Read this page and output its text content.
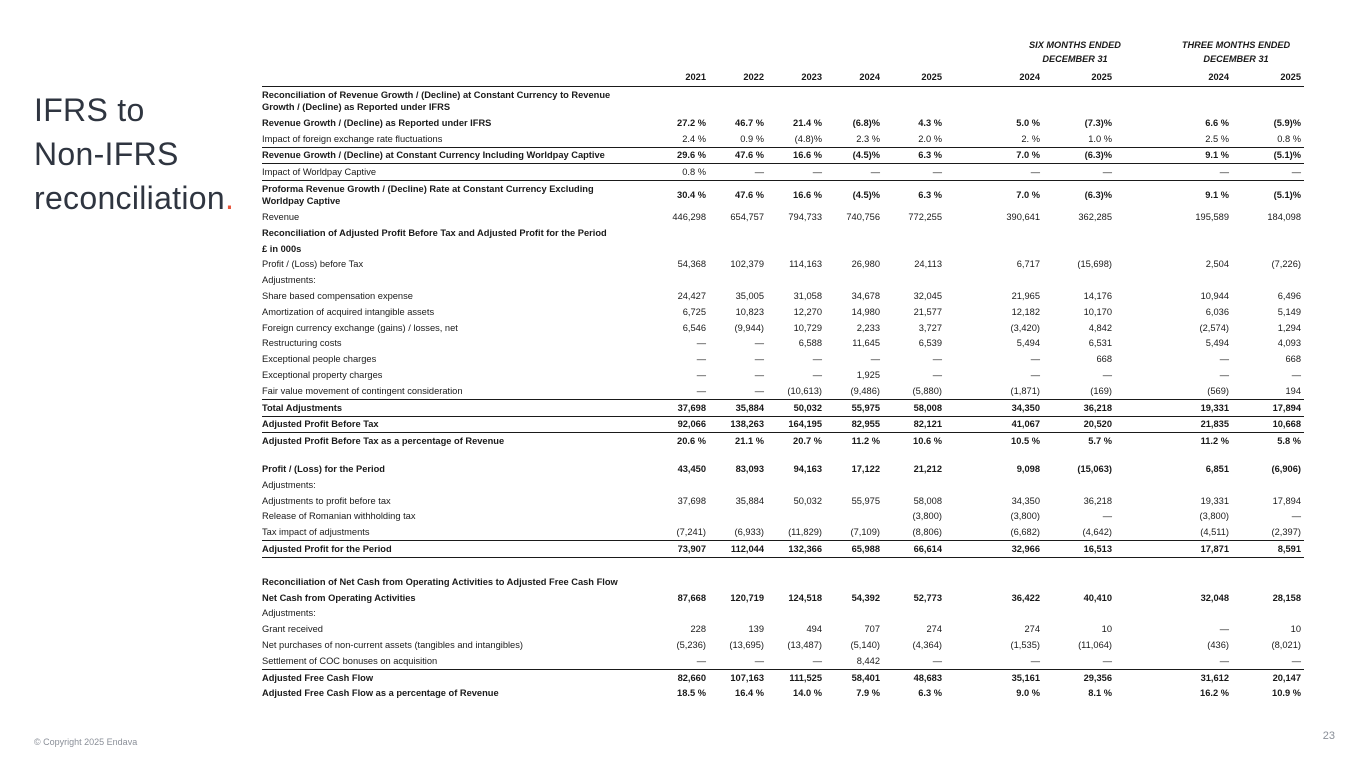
IFRS to
Non-IFRS
reconciliation.
SIX MONTHS ENDED
DECEMBER 31
THREE MONTHS ENDED
DECEMBER 31
	2021	2022	2023	2024	2025	2024	2025	2024	2025
Reconciliation of Revenue Growth / (Decline) at Constant Currency to Revenue Growth / (Decline) as Reported under IFRS									
Revenue Growth / (Decline) as Reported under IFRS	27.2 %	46.7 %	21.4 %	(6.8)%	4.3 %	5.0 %	(7.3)%	6.6 %	(5.9)%
Impact of foreign exchange rate fluctuations	2.4 %	0.9 %	(4.8)%	2.3 %	2.0 %	2. %	1.0 %	2.5 %	0.8 %
Revenue Growth / (Decline) at Constant Currency Including Worldpay Captive	29.6 %	47.6 %	16.6 %	(4.5)%	6.3 %	7.0 %	(6.3)%	9.1 %	(5.1)%
Impact of Worldpay Captive	0.8 %	—	—	—	—	—	—	—	—
Proforma Revenue Growth / (Decline) Rate at Constant Currency Excluding Worldpay Captive	30.4 %	47.6 %	16.6 %	(4.5)%	6.3 %	7.0 %	(6.3)%	9.1 %	(5.1)%
Revenue	446,298	654,757	794,733	740,756	772,255	390,641	362,285	195,589	184,098
Reconciliation of Adjusted Profit Before Tax and Adjusted Profit for the Period									
£ in 000s									
Profit / (Loss) before Tax	54,368	102,379	114,163	26,980	24,113	6,717	(15,698)	2,504	(7,226)
Adjustments:									
Share based compensation expense	24,427	35,005	31,058	34,678	32,045	21,965	14,176	10,944	6,496
Amortization of acquired intangible assets	6,725	10,823	12,270	14,980	21,577	12,182	10,170	6,036	5,149
Foreign currency exchange (gains) / losses, net	6,546	(9,944)	10,729	2,233	3,727	(3,420)	4,842	(2,574)	1,294
Restructuring costs	—	—	6,588	11,645	6,539	5,494	6,531	5,494	4,093
Exceptional people charges	—	—	—	—	—	—	668	—	668
Exceptional property charges	—	—	—	1,925	—	—	—	—	—
Fair value movement of contingent consideration	—	—	(10,613)	(9,486)	(5,880)	(1,871)	(169)	(569)	194
Total Adjustments	37,698	35,884	50,032	55,975	58,008	34,350	36,218	19,331	17,894
Adjusted Profit Before Tax	92,066	138,263	164,195	82,955	82,121	41,067	20,520	21,835	10,668
Adjusted Profit Before Tax as a percentage of Revenue	20.6 %	21.1 %	20.7 %	11.2 %	10.6 %	10.5 %	5.7 %	11.2 %	5.8 %

Profit / (Loss) for the Period	43,450	83,093	94,163	17,122	21,212	9,098	(15,063)	6,851	(6,906)
Adjustments:									
Adjustments to profit before tax	37,698	35,884	50,032	55,975	58,008	34,350	36,218	19,331	17,894
Release of Romanian withholding tax					(3,800)	(3,800)	—	(3,800)	—
Tax impact of adjustments	(7,241)	(6,933)	(11,829)	(7,109)	(8,806)	(6,682)	(4,642)	(4,511)	(2,397)
Adjusted Profit for the Period	73,907	112,044	132,366	65,988	66,614	32,966	16,513	17,871	8,591

Reconciliation of Net Cash from Operating Activities to Adjusted Free Cash Flow									
Net Cash from Operating Activities	87,668	120,719	124,518	54,392	52,773	36,422	40,410	32,048	28,158
Adjustments:									
Grant received	228	139	494	707	274	274	10	—	10
Net purchases of non-current assets (tangibles and intangibles)	(5,236)	(13,695)	(13,487)	(5,140)	(4,364)	(1,535)	(11,064)	(436)	(8,021)
Settlement of COC bonuses on acquisition	—	—	—	8,442	—	—	—	—	—
Adjusted Free Cash Flow	82,660	107,163	111,525	58,401	48,683	35,161	29,356	31,612	20,147
Adjusted Free Cash Flow as a percentage of Revenue	18.5 %	16.4 %	14.0 %	7.9 %	6.3 %	9.0 %	8.1 %	16.2 %	10.9 %
© Copyright 2025 Endava	23
